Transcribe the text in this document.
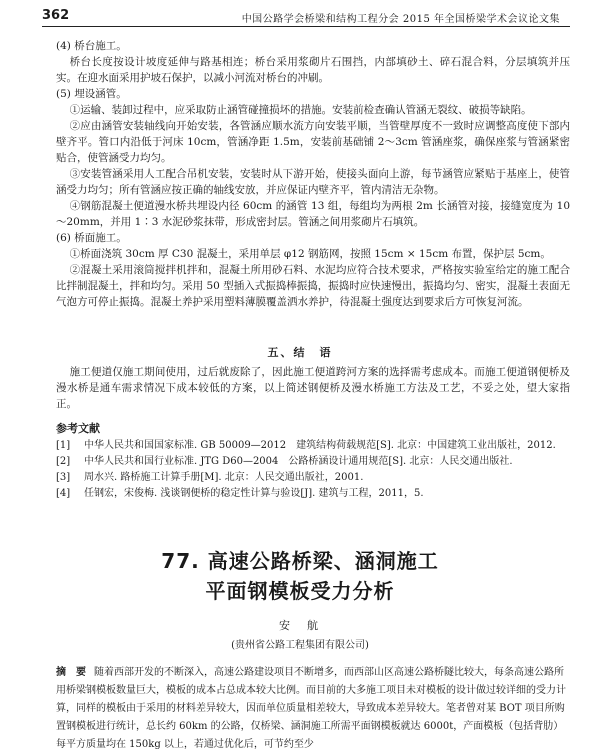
362	中国公路学会桥梁和结构工程分会 2015 年全国桥梁学术会议论文集

(4) 桥台施工。

桥台长度按设计坡度延伸与路基相连；桥台采用浆砌片石围挡，内部填砂土、碎石混合料，分层填筑并压实。在迎水面采用护坡石保护，以减小河流对桥台的冲刷。

(5) 埋设涵管。

①运输、装卸过程中，应采取防止涵管碰撞损坏的措施。安装前检查确认管涵无裂纹、破损等缺陷。

②应由涵管安装轴线向开始安装，各管涵应顺水流方向安装平顺，当管壁厚度不一致时应调整高度使下部内壁齐平。管口内沿低于河床 10cm，管涵净距 1.5m，安装前基础铺 2～3cm 管涵座浆，确保座浆与管涵紧密贴合，使管涵受力均匀。

③安装管涵采用人工配合吊机安装，安装时从下游开始，使接头面向上游，每节涵管应紧贴于基座上，使管涵受力均匀；所有管涵应按正确的轴线安放，并应保证内壁齐平，管内清洁无杂物。

④钢筋混凝土便道漫水桥共埋设内径 60cm 的涵管 13 组，每组均为两根 2m 长涵管对接，接缝宽度为 10～20mm，并用 1∶3 水泥砂浆抹带，形成密封层。管涵之间用浆砌片石填筑。

(6) 桥面施工。

①桥面浇筑 30cm 厚 C30 混凝土，采用单层 φ12 钢筋网，按照 15cm × 15cm 布置，保护层 5cm。

②混凝土采用滚筒搅拌机拌和，混凝土所用砂石料、水泥均应符合技术要求，严格按实验室给定的施工配合比拌制混凝土，拌和均匀。采用 50 型插入式振捣棒振捣，振捣时应快速慢出，振捣均匀、密实，混凝土表面无气泡方可停止振捣。混凝土养护采用塑料薄膜覆盖洒水养护，待混凝土强度达到要求后方可恢复河流。

五、结　语

施工便道仅施工期间使用，过后就废除了，因此施工便道跨河方案的选择需考虑成本。而施工便道钢便桥及漫水桥是通车需求情况下成本较低的方案，以上简述钢便桥及漫水桥施工方法及工艺，不妥之处，望大家指正。

参考文献
[1]	中华人民共和国国家标准. GB 50009—2012　建筑结构荷载规范[S]. 北京：中国建筑工业出版社，2012.
[2]	中华人民共和国行业标准. JTG D60—2004　公路桥涵设计通用规范[S]. 北京：人民交通出版社.
[3]	周水兴. 路桥施工计算手册[M]. 北京：人民交通出版社，2001.
[4]	任钢宏，宋俊梅. 浅谈钢便桥的稳定性计算与验设[J]. 建筑与工程，2011，5.
77. 高速公路桥梁、涵洞施工
平面钢模板受力分析
安　航
(贵州省公路工程集团有限公司)
摘　要 随着西部开发的不断深入，高速公路建设项目不断增多，而西部山区高速公路桥隧比较大，每条高速公路所用桥梁钢模板数量巨大，模板的成本占总成本较大比例。而目前的大多施工项目未对模板的设计做过较详细的受力计算，同样的模板由于采用的材料差异较大，因而单位质量相差较大，导致成本差异较大。笔者曾对某 BOT 项目所购置钢模板进行统计，总长约 60km 的公路，仅桥梁、涵洞施工所需平面钢模板就达 6000t，产面模板（包括背肋）每平方质量均在 150kg 以上，若通过优化后，可节约至少
